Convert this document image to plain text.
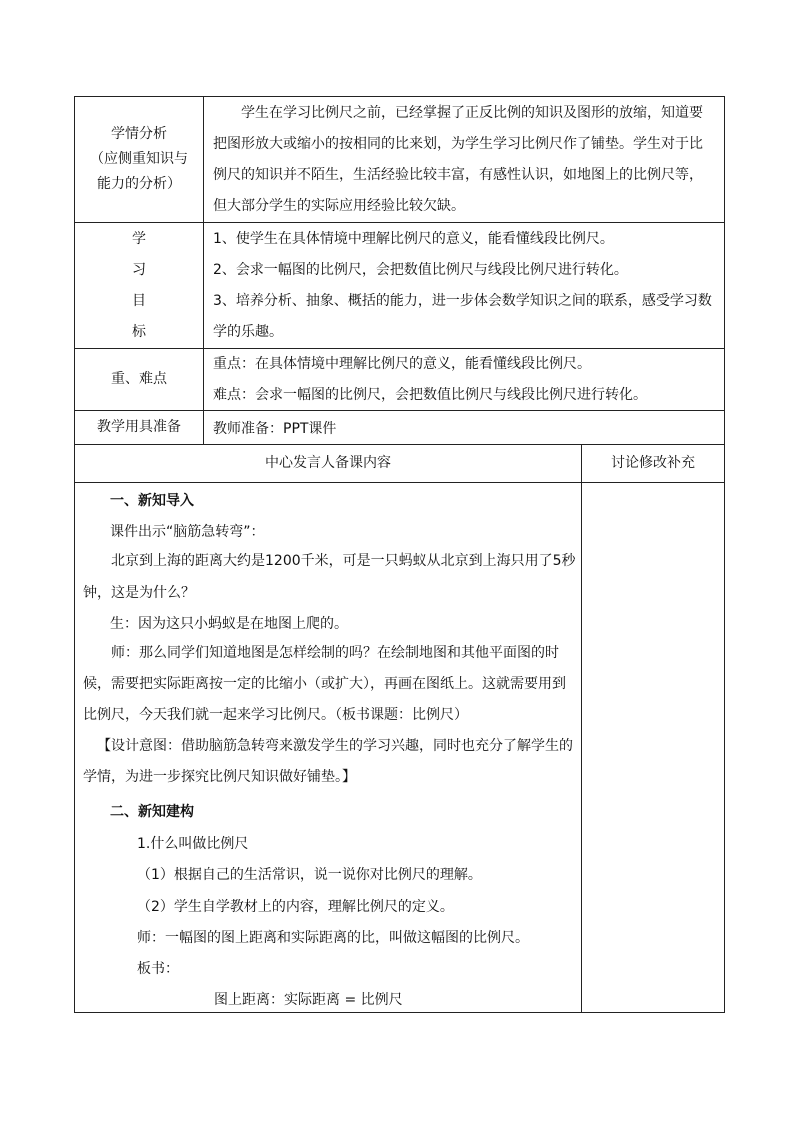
学情分析
（应侧重知识与
能力的分析）

学生在学习比例尺之前，已经掌握了正反比例的知识及图形的放缩，知道要把图形放大或缩小的按相同的比来划，为学生学习比例尺作了铺垫。学生对于比例尺的知识并不陌生，生活经验比较丰富，有感性认识，如地图上的比例尺等，但大部分学生的实际应用经验比较欠缺。

学
习
目
标

1、使学生在具体情境中理解比例尺的意义，能看懂线段比例尺。

2、会求一幅图的比例尺，会把数值比例尺与线段比例尺进行转化。

3、培养分析、抽象、概括的能力，进一步体会数学知识之间的联系，感受学习数学的乐趣。

重、难点

重点：在具体情境中理解比例尺的意义，能看懂线段比例尺。

难点：会求一幅图的比例尺，会把数值比例尺与线段比例尺进行转化。

教学用具准备 教师准备：PPT课件
中心发言人备课内容	讨论修改补充
一、新知导入
课件出示“脑筋急转弯”：

北京到上海的距离大约是1200千米，可是一只蚂蚁从北京到上海只用了5秒钟，这是为什么？

生：因为这只小蚂蚁是在地图上爬的。

师：那么同学们知道地图是怎样绘制的吗？在绘制地图和其他平面图的时候，需要把实际距离按一定的比缩小（或扩大），再画在图纸上。这就需要用到比例尺，今天我们就一起来学习比例尺。（板书课题：比例尺）

【设计意图：借助脑筋急转弯来激发学生的学习兴趣，同时也充分了解学生的学情，为进一步探究比例尺知识做好铺垫。】

二、新知建构
1.什么叫做比例尺
（1）根据自己的生活常识，说一说你对比例尺的理解。
（2）学生自学教材上的内容，理解比例尺的定义。
师：一幅图的图上距离和实际距离的比，叫做这幅图的比例尺。
板书：
图上距离：实际距离 = 比例尺
